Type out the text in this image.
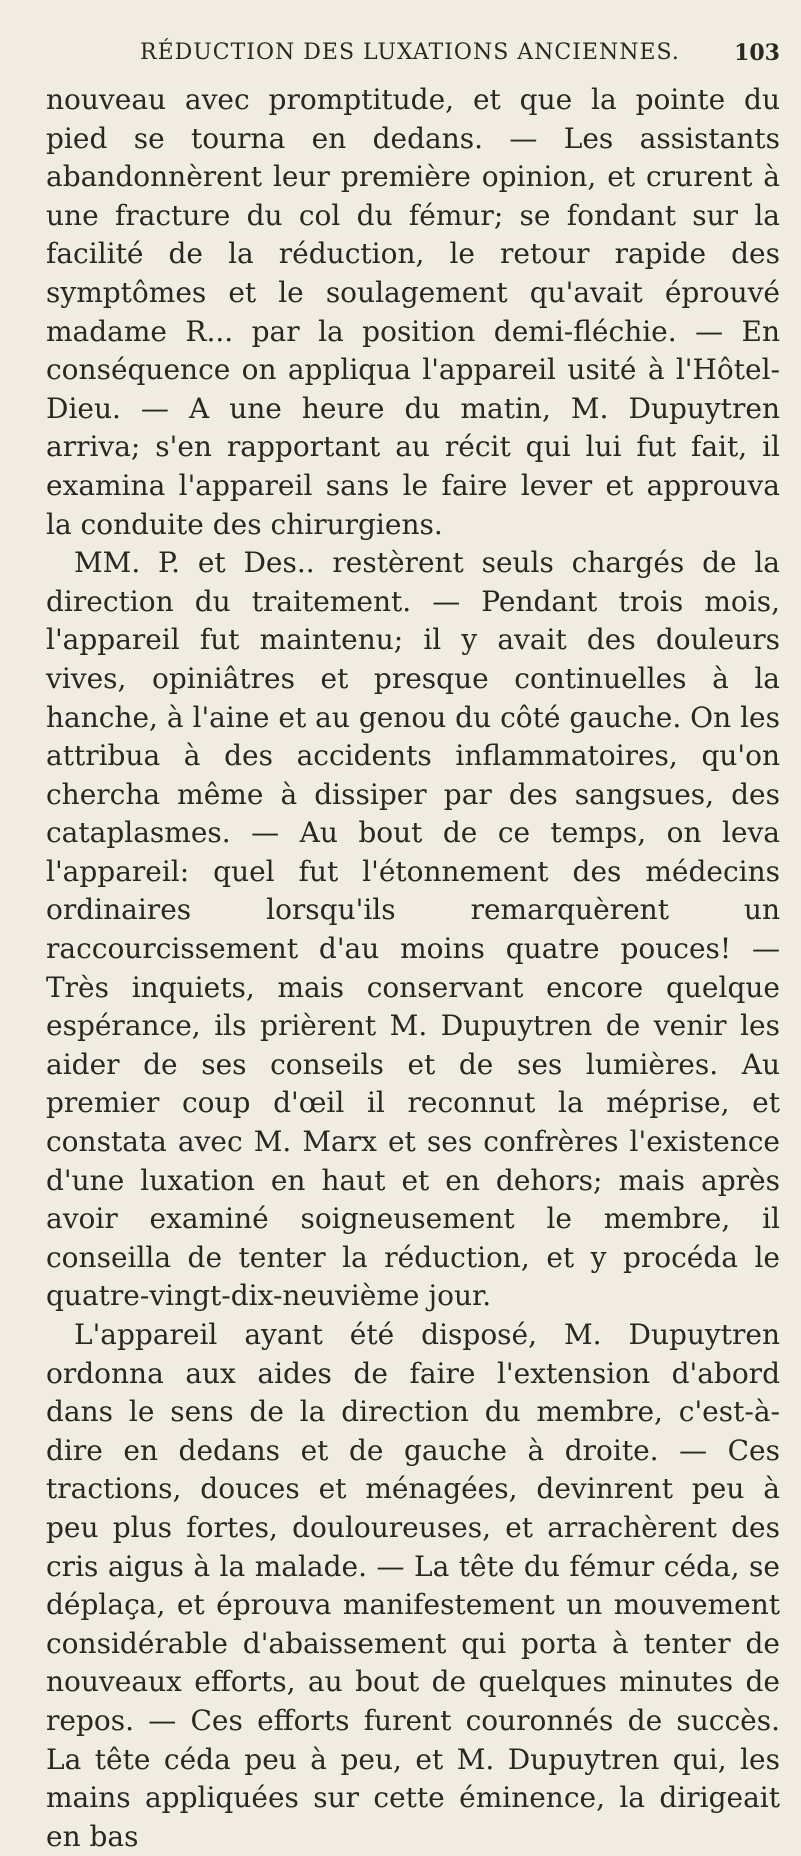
RÉDUCTION DES LUXATIONS ANCIENNES. 103

nouveau avec promptitude, et que la pointe du pied se tourna en dedans. — Les assistants abandonnèrent leur première opinion, et crurent à une fracture du col du fémur; se fondant sur la facilité de la réduction, le retour rapide des symptômes et le soulagement qu'avait éprouvé madame R... par la position demi-fléchie. — En conséquence on appliqua l'appareil usité à l'Hôtel-Dieu. — A une heure du matin, M. Dupuytren arriva; s'en rapportant au récit qui lui fut fait, il examina l'appareil sans le faire lever et approuva la conduite des chirurgiens.

MM. P. et Des.. restèrent seuls chargés de la direction du traitement. — Pendant trois mois, l'appareil fut maintenu; il y avait des douleurs vives, opiniâtres et presque continuelles à la hanche, à l'aine et au genou du côté gauche. On les attribua à des accidents inflammatoires, qu'on chercha même à dissiper par des sangsues, des cataplasmes. — Au bout de ce temps, on leva l'appareil: quel fut l'étonnement des médecins ordinaires lorsqu'ils remarquèrent un raccourcissement d'au moins quatre pouces! — Très inquiets, mais conservant encore quelque espérance, ils prièrent M. Dupuytren de venir les aider de ses conseils et de ses lumières. Au premier coup d'œil il reconnut la méprise, et constata avec M. Marx et ses confrères l'existence d'une luxation en haut et en dehors; mais après avoir examiné soigneusement le membre, il conseilla de tenter la réduction, et y procéda le quatre-vingt-dix-neuvième jour.

L'appareil ayant été disposé, M. Dupuytren ordonna aux aides de faire l'extension d'abord dans le sens de la direction du membre, c'est-à-dire en dedans et de gauche à droite. — Ces tractions, douces et ménagées, devinrent peu à peu plus fortes, douloureuses, et arrachèrent des cris aigus à la malade. — La tête du fémur céda, se déplaça, et éprouva manifestement un mouvement considérable d'abaissement qui porta à tenter de nouveaux efforts, au bout de quelques minutes de repos. — Ces efforts furent couronnés de succès. La tête céda peu à peu, et M. Dupuytren qui, les mains appliquées sur cette éminence, la dirigeait en bas
